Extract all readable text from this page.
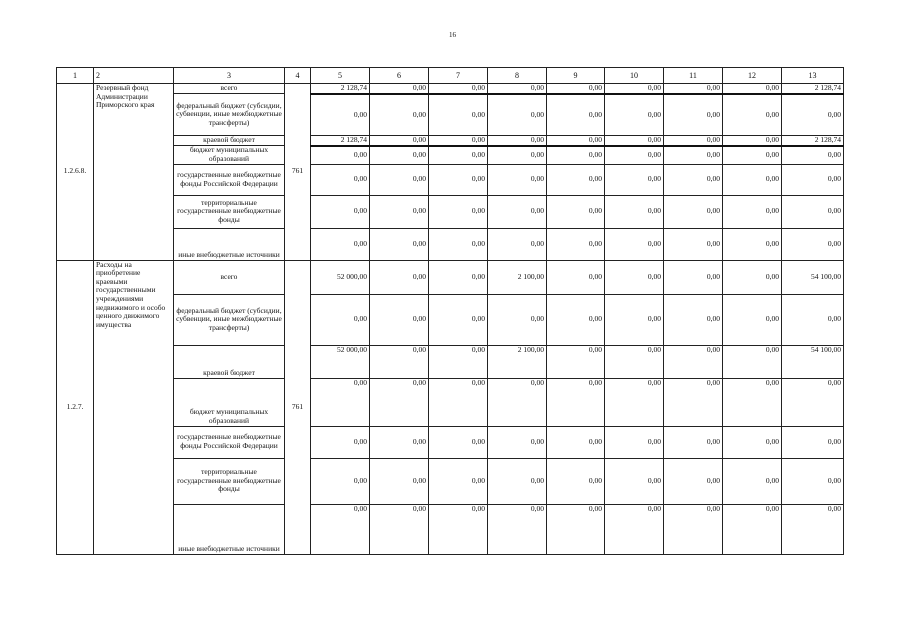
16
1	2	3	4	5	6	7	8	9	10	11	12	13
1.2.6.8.	Резервный фонд Администрации Приморского края	всего	761	2 128,74	0,00	0,00	0,00	0,00	0,00	0,00	0,00	2 128,74
		федеральный бюджет (субсидии, субвенции, иные межбюджетные трансферты)		0,00	0,00	0,00	0,00	0,00	0,00	0,00	0,00	0,00
		краевой бюджет		2 128,74	0,00	0,00	0,00	0,00	0,00	0,00	0,00	2 128,74
		бюджет муниципальных образований		0,00	0,00	0,00	0,00	0,00	0,00	0,00	0,00	0,00
		государственные внебюджетные фонды Российской Федерации		0,00	0,00	0,00	0,00	0,00	0,00	0,00	0,00	0,00
		территориальные государственные внебюджетные фонды		0,00	0,00	0,00	0,00	0,00	0,00	0,00	0,00	0,00
		иные внебюджетные источники		0,00	0,00	0,00	0,00	0,00	0,00	0,00	0,00	0,00
1.2.7.	Расходы на приобретение краевыми государственными учреждениями недвижимого и особо ценного движимого имущества	всего	761	52 000,00	0,00	0,00	2 100,00	0,00	0,00	0,00	0,00	54 100,00
		федеральный бюджет (субсидии, субвенции, иные межбюджетные трансферты)		0,00	0,00	0,00	0,00	0,00	0,00	0,00	0,00	0,00
		краевой бюджет		52 000,00	0,00	0,00	2 100,00	0,00	0,00	0,00	0,00	54 100,00
		бюджет муниципальных образований		0,00	0,00	0,00	0,00	0,00	0,00	0,00	0,00	0,00
		государственные внебюджетные фонды Российской Федерации		0,00	0,00	0,00	0,00	0,00	0,00	0,00	0,00	0,00
		территориальные государственные внебюджетные фонды		0,00	0,00	0,00	0,00	0,00	0,00	0,00	0,00	0,00
		иные внебюджетные источники		0,00	0,00	0,00	0,00	0,00	0,00	0,00	0,00	0,00
